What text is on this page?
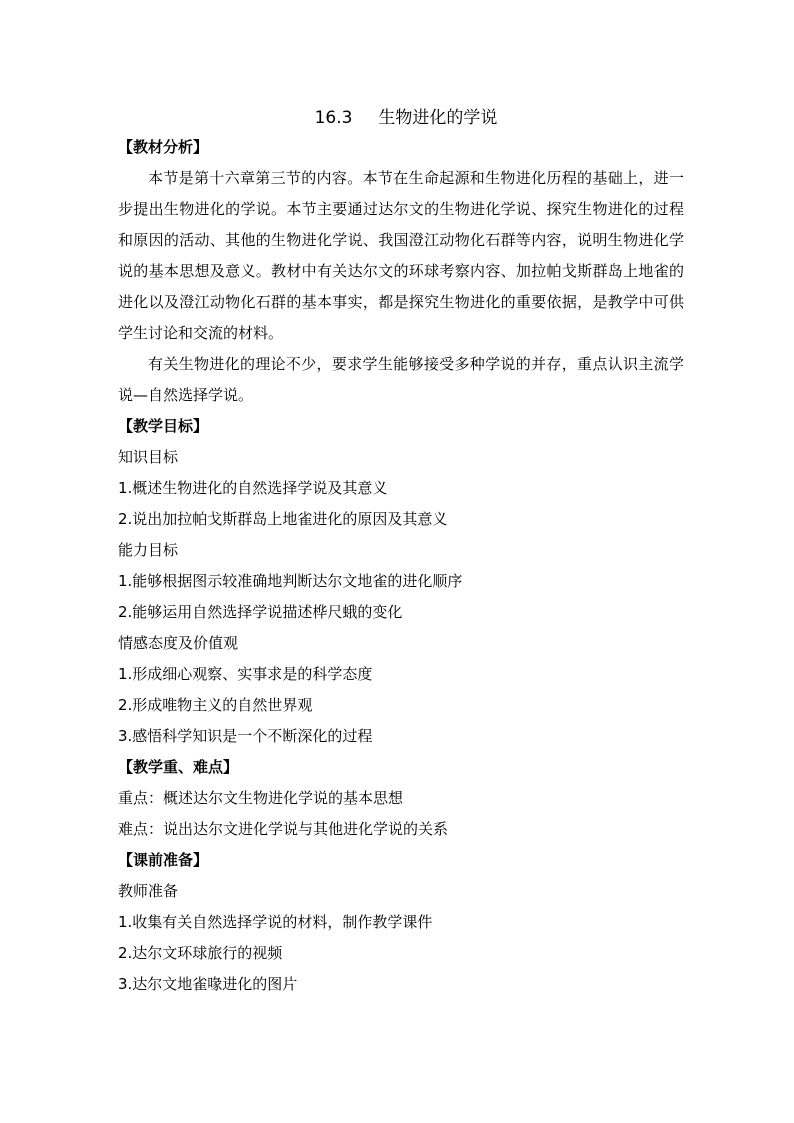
16.3 生物进化的学说
【教材分析】

本节是第十六章第三节的内容。本节在生命起源和生物进化历程的基础上，进一步提出生物进化的学说。本节主要通过达尔文的生物进化学说、探究生物进化的过程和原因的活动、其他的生物进化学说、我国澄江动物化石群等内容，说明生物进化学说的基本思想及意义。教材中有关达尔文的环球考察内容、加拉帕戈斯群岛上地雀的进化以及澄江动物化石群的基本事实，都是探究生物进化的重要依据，是教学中可供学生讨论和交流的材料。

有关生物进化的理论不少，要求学生能够接受多种学说的并存，重点认识主流学说—自然选择学说。

【教学目标】
知识目标
1.概述生物进化的自然选择学说及其意义
2.说出加拉帕戈斯群岛上地雀进化的原因及其意义
能力目标
1.能够根据图示较准确地判断达尔文地雀的进化顺序
2.能够运用自然选择学说描述桦尺蛾的变化
情感态度及价值观
1.形成细心观察、实事求是的科学态度
2.形成唯物主义的自然世界观
3.感悟科学知识是一个不断深化的过程
【教学重、难点】
重点：概述达尔文生物进化学说的基本思想
难点：说出达尔文进化学说与其他进化学说的关系
【课前准备】
教师准备
1.收集有关自然选择学说的材料，制作教学课件
2.达尔文环球旅行的视频
3.达尔文地雀喙进化的图片
